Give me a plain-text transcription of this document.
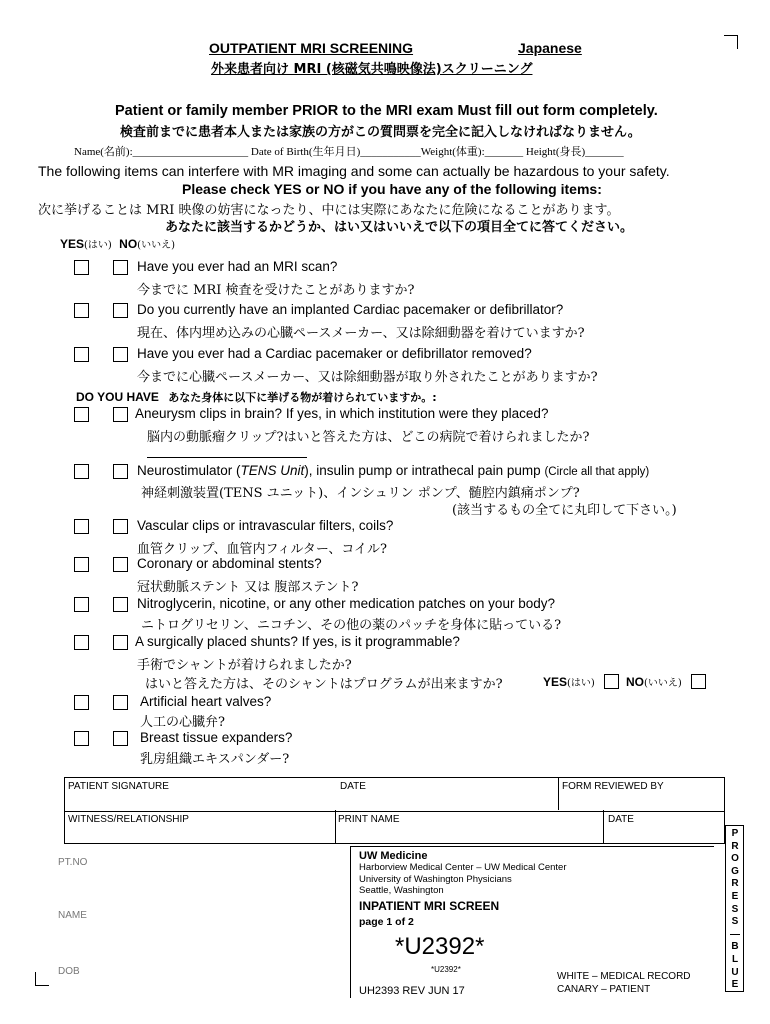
OUTPATIENT MRI SCREENING	Japanese
外来患者向け MRI (核磁気共鳴映像法)スクリーニング
Patient or family member PRIOR to the MRI exam Must fill out form completely.
検査前までに患者本人または家族の方がこの質問票を完全に記入しなければなりません。
Name(名前):_____________________ Date of Birth(生年月日)___________Weight(体重):_______ Height(身長)_______
The following items can interfere with MR imaging and some can actually be hazardous to your safety.
Please check YES or NO if you have any of the following items:
次に挙げることは MRI 映像の妨害になったり、中には実際にあなたに危険になることがあります。
あなたに該当するかどうか、はい又はいいえで以下の項目全てに答てください。
YES(はい) NO(いいえ)
Have you ever had an MRI scan?
今までに MRI 検査を受けたことがありますか?
Do you currently have an implanted Cardiac pacemaker or defibrillator?
現在、体内埋め込みの心臓ペースメーカー、又は除細動器を着けていますか?
Have you ever had a Cardiac pacemaker or defibrillator removed?
今までに心臓ペースメーカー、又は除細動器が取り外されたことがありますか?
DO YOU HAVE あなた身体に以下に挙げる物が着けられていますか。:
Aneurysm clips in brain? If yes, in which institution were they placed?
脳内の動脈瘤クリップ?はいと答えた方は、どこの病院で着けられましたか?
Neurostimulator (TENS Unit), insulin pump or intrathecal pain pump (Circle all that apply)
神経刺激装置(TENS ユニット)、インシュリン ポンプ、髄腔内鎮痛ポンプ?
(該当するもの全てに丸印して下さい。)
Vascular clips or intravascular filters, coils?
血管クリップ、血管内フィルター、コイル?
Coronary or abdominal stents?
冠状動脈ステント 又は 腹部ステント?
Nitroglycerin, nicotine, or any other medication patches on your body?
ニトログリセリン、ニコチン、その他の薬のパッチを身体に貼っている?
A surgically placed shunts? If yes, is it programmable?
手術でシャントが着けられましたか?
はいと答えた方は、そのシャントはプログラムが出来ますか?	YES(はい)	NO(いいえ)
Artificial heart valves?
人工の心臓弁?
Breast tissue expanders?
乳房組織エキスパンダー?
PATIENT SIGNATURE	DATE	FORM REVIEWED BY
WITNESS/RELATIONSHIP	PRINT NAME	DATE
PT.NO
NAME
DOB
UW Medicine
Harborview Medical Center – UW Medical Center
University of Washington Physicians
Seattle, Washington
INPATIENT MRI SCREEN
page 1 of 2
*U2392*
*U2392*
UH2393 REV JUN 17
WHITE – MEDICAL RECORD
CANARY – PATIENT
P
R
O
G
R
E
S
S
—
B
L
U
E
